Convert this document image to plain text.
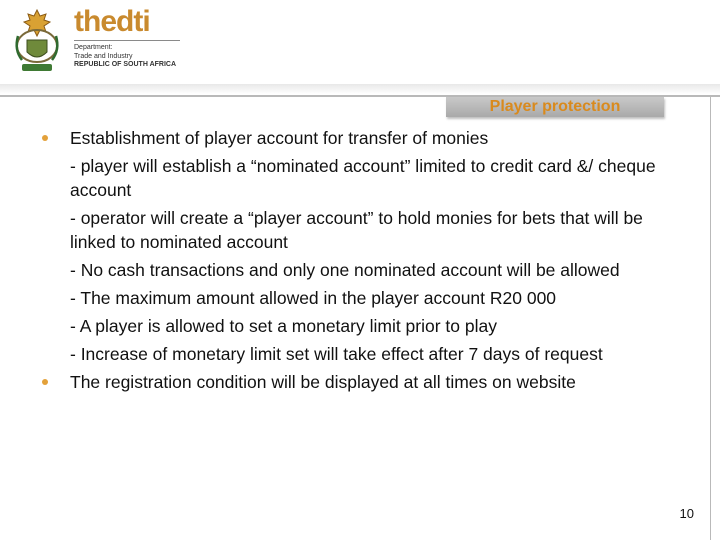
thedti
Department:
Trade and Industry
REPUBLIC OF SOUTH AFRICA
Player protection
Establishment of player account for transfer of monies
- player will establish a “nominated account” limited to credit card &/ cheque account
- operator will create a “player account” to hold monies for bets that will be linked to nominated account
- No cash transactions and only one nominated account will be allowed
- The maximum amount allowed in the player account R20 000
- A player is allowed to set a monetary limit prior to play
- Increase of monetary limit set will take effect after 7 days of request
The registration condition will be displayed at all times on website
10
